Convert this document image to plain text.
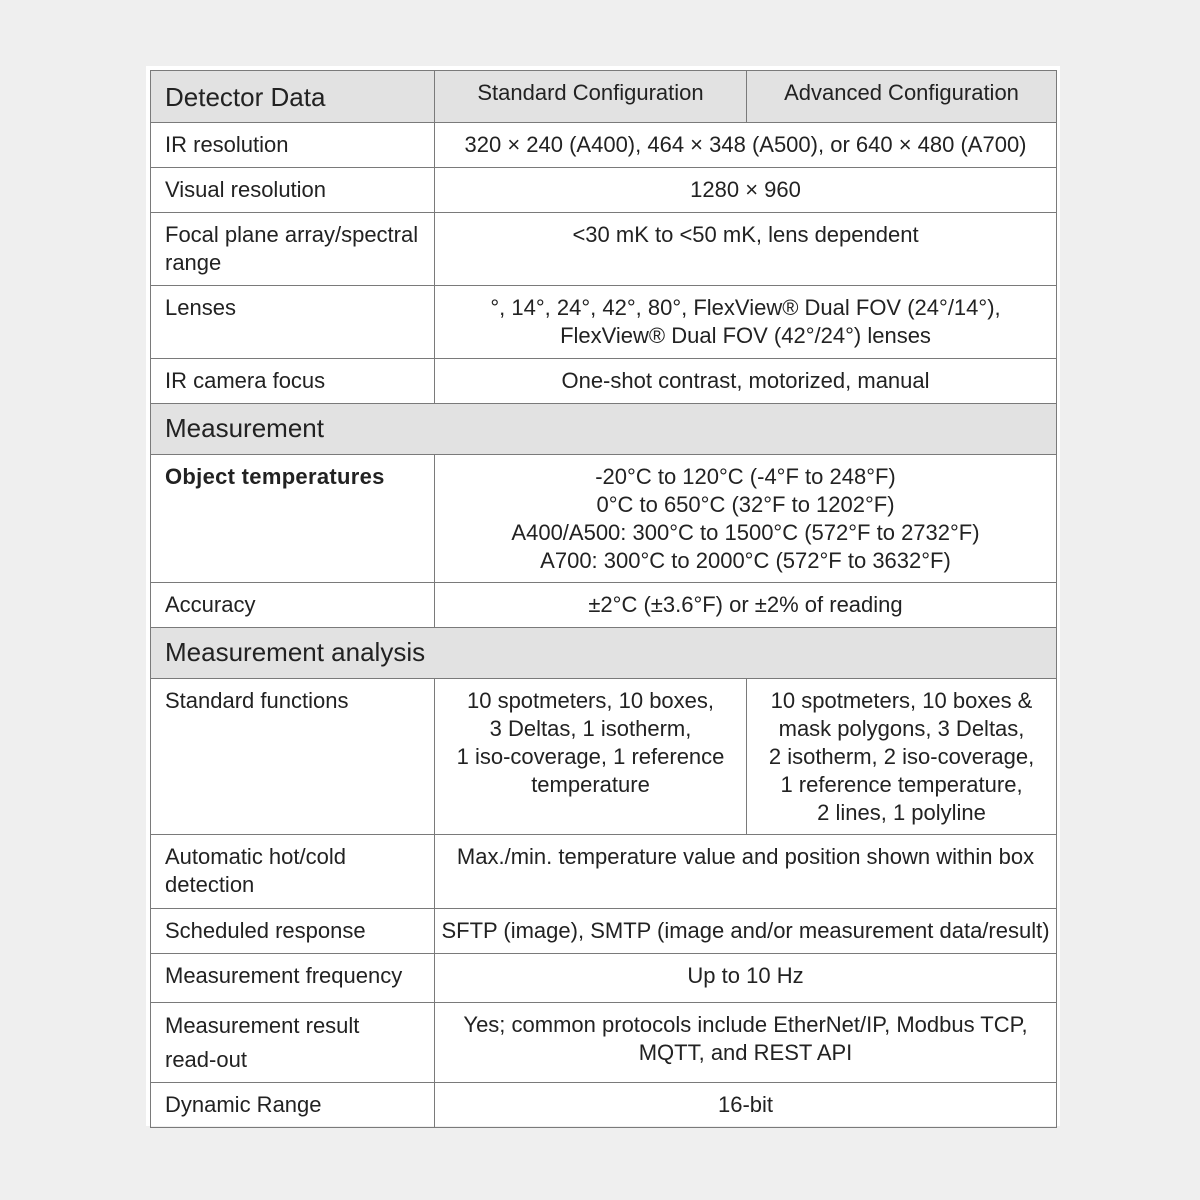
Detector Data	Standard Configuration	Advanced Configuration
IR resolution	320 × 240 (A400), 464 × 348 (A500), or 640 × 480 (A700)	
Visual resolution	1280 × 960	

Focal plane array/spectral
range	<30 mK to <50 mK, lens dependent	
Lenses	°, 14°, 24°, 42°, 80°, FlexView® Dual FOV (24°/14°),
FlexView® Dual FOV (42°/24°) lenses	

IR camera focus	One-shot contrast, motorized, manual	
Measurement		
Object temperatures	-20°C to 120°C (-4°F to 248°F)
0°C to 650°C (32°F to 1202°F)
A400/A500: 300°C to 1500°C (572°F to 2732°F)
A700: 300°C to 2000°C (572°F to 3632°F)	

Accuracy	±2°C (±3.6°F) or ±2% of reading	
Measurement analysis		
Standard functions	10 spotmeters, 10 boxes,
3 Deltas, 1 isotherm,
1 iso-coverage, 1 reference
temperature	10 spotmeters, 10 boxes &
mask polygons, 3 Deltas,
2 isotherm, 2 iso-coverage,
1 reference temperature,
2 lines, 1 polyline

Automatic hot/cold
detection	Max./min. temperature value and position shown within box	
Scheduled response	SFTP (image), SMTP (image and/or measurement data/result)	
Measurement frequency	Up to 10 Hz	

Measurement result
read-out	Yes; common protocols include EtherNet/IP, Modbus TCP,
MQTT, and REST API	

Dynamic Range	16-bit	
